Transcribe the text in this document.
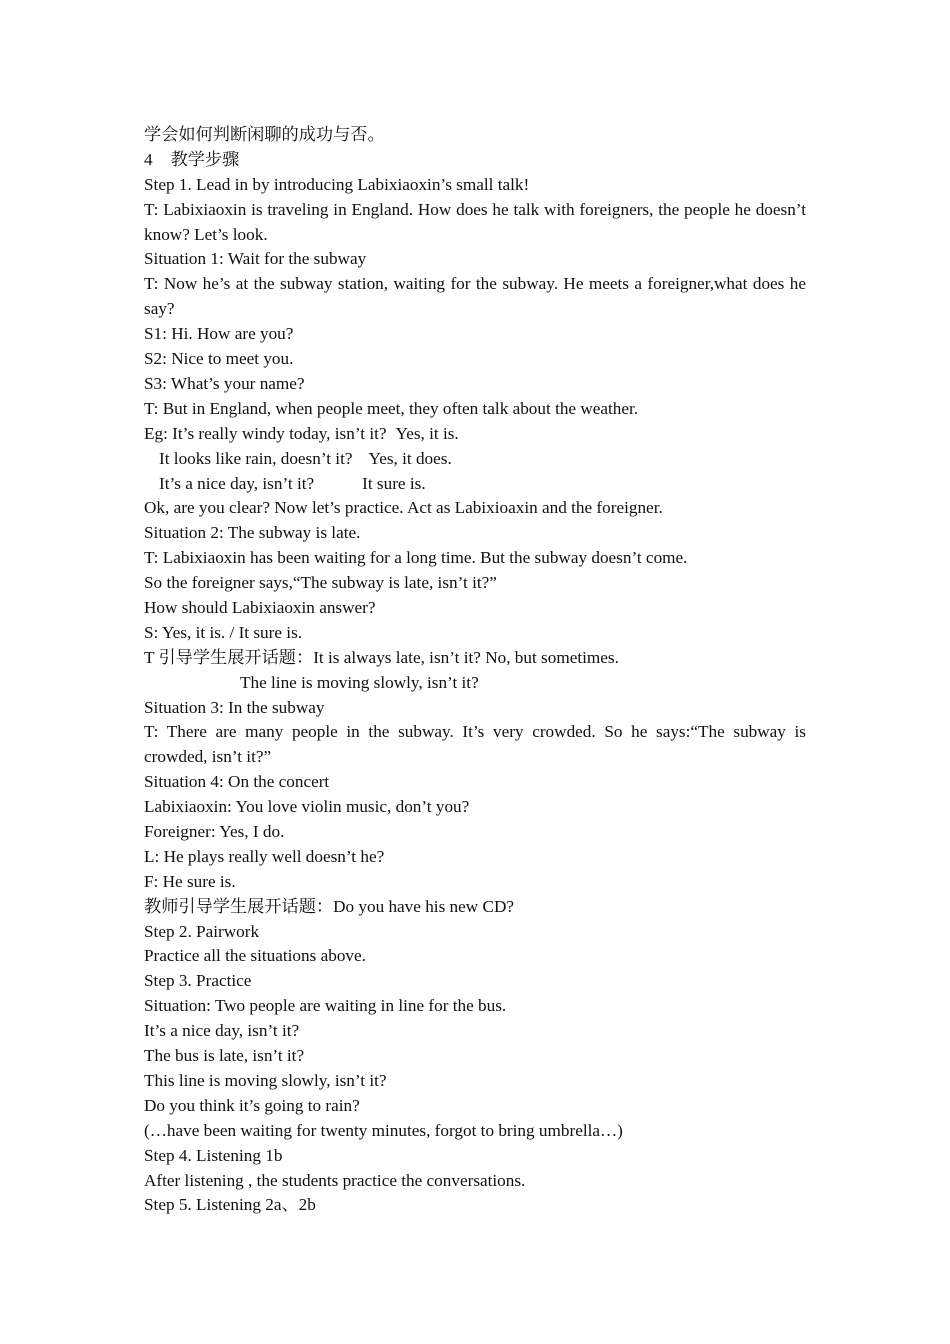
学会如何判断闲聊的成功与否。
4 教学步骤
Step 1. Lead in by introducing Labixiaoxin’s small talk!
T: Labixiaoxin is traveling in England. How does he talk with foreigners, the people he doesn’t know? Let’s look.
Situation 1: Wait for the subway
T: Now he’s at the subway station, waiting for the subway. He meets a foreigner,what does he say?
S1: Hi. How are you?
S2: Nice to meet you.
S3: What’s your name?
T: But in England, when people meet, they often talk about the weather.
Eg: It’s really windy today, isn’t it? Yes, it is.
It looks like rain, doesn’t it? Yes, it does.
It’s a nice day, isn’t it?	It sure is.
Ok, are you clear? Now let’s practice. Act as Labixioaxin and the foreigner.
Situation 2: The subway is late.
T: Labixiaoxin has been waiting for a long time. But the subway doesn’t come.
So the foreigner says,“The subway is late, isn’t it?”
How should Labixiaoxin answer?
S: Yes, it is. / It sure is.
T 引导学生展开话题：It is always late, isn’t it? No, but sometimes.
The line is moving slowly, isn’t it?
Situation 3: In the subway
T: There are many people in the subway. It’s very crowded. So he says:“The subway is crowded, isn’t it?”
Situation 4: On the concert
Labixiaoxin: You love violin music, don’t you?
Foreigner: Yes, I do.
L: He plays really well doesn’t he?
F: He sure is.
教师引导学生展开话题：Do you have his new CD?
Step 2. Pairwork
Practice all the situations above.
Step 3. Practice
Situation: Two people are waiting in line for the bus.
It’s a nice day, isn’t it?
The bus is late, isn’t it?
This line is moving slowly, isn’t it?
Do you think it’s going to rain?
(…have been waiting for twenty minutes, forgot to bring umbrella…)
Step 4. Listening 1b
After listening , the students practice the conversations.
Step 5. Listening 2a、2b
